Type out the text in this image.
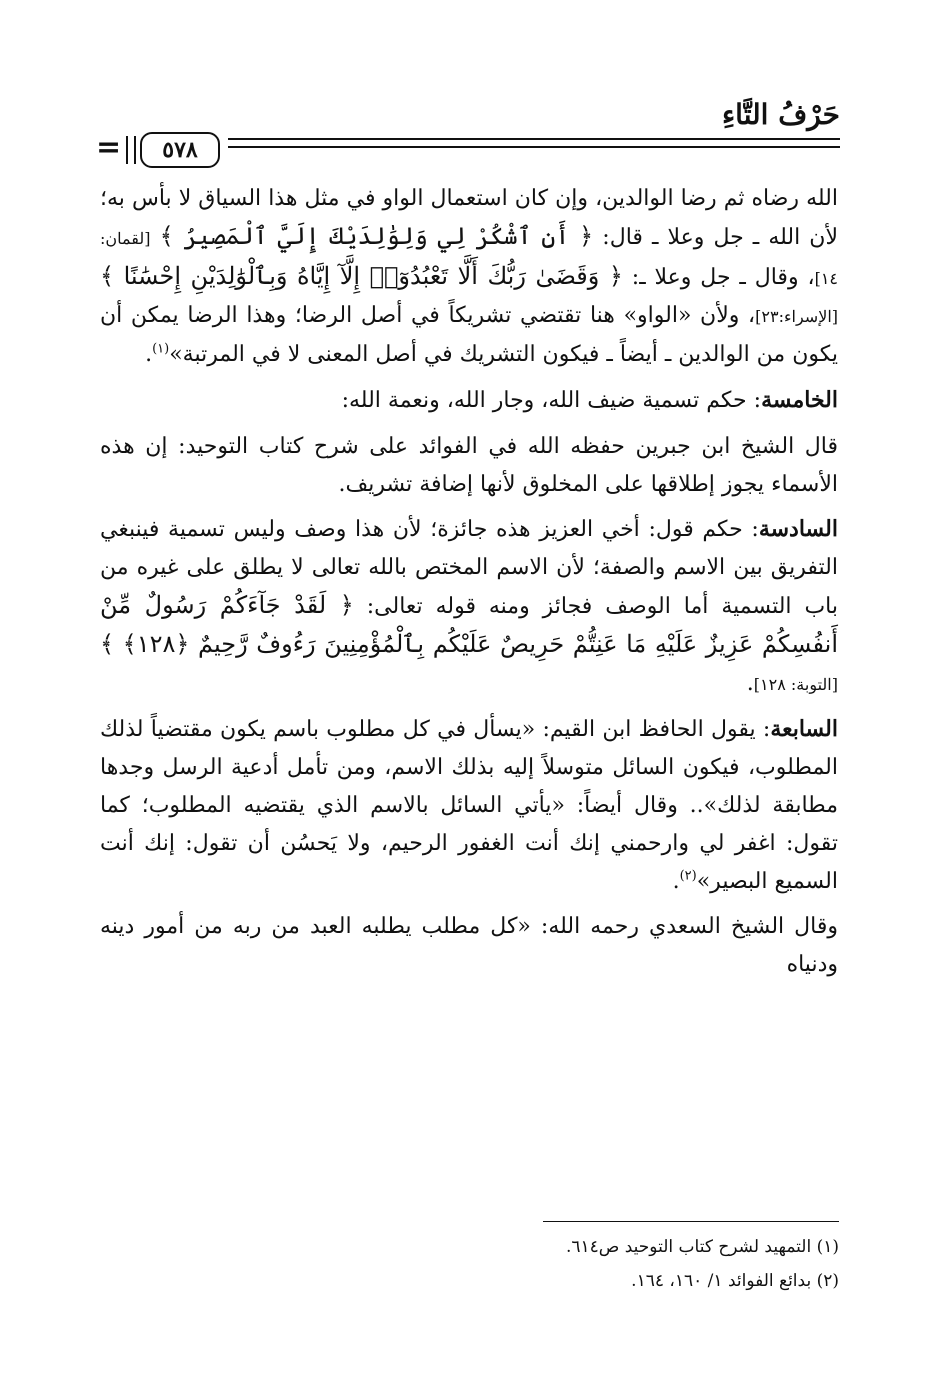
حَرْفُ التَّاءِ
٥٧٨
=

الله رضاه ثم رضا الوالدين، وإن كان استعمال الواو في مثل هذا السياق لا بأس به؛ لأن الله ـ جل وعلا ـ قال: ﴿ أَنِ ٱشْكُرْ لِي وَلِوَٰلِدَيْكَ إِلَيَّ ٱلْمَصِيرُ ﴾ [لقمان: ١٤]، وقال ـ جل وعلا ـ: ﴿ وَقَضَىٰ رَبُّكَ أَلَّا تَعْبُدُوٓا۟ إِلَّآ إِيَّاهُ وَبِٱلْوَٰلِدَيْنِ إِحْسَٰنًا ﴾ [الإسراء:٢٣]، ولأن «الواو» هنا تقتضي تشريكاً في أصل الرضا؛ وهذا الرضا يمكن أن يكون من الوالدين ـ أيضاً ـ فيكون التشريك في أصل المعنى لا في المرتبة»$^{(١)}$.

الخامسة: حكم تسمية ضيف الله، وجار الله، ونعمة الله:

قال الشيخ ابن جبرين حفظه الله في الفوائد على شرح كتاب التوحيد: إن هذه الأسماء يجوز إطلاقها على المخلوق لأنها إضافة تشريف.

السادسة: حكم قول: أخي العزيز هذه جائزة؛ لأن هذا وصف وليس تسمية فينبغي التفريق بين الاسم والصفة؛ لأن الاسم المختص بالله تعالى لا يطلق على غيره من باب التسمية أما الوصف فجائز ومنه قوله تعالى: ﴿ لَقَدْ جَآءَكُمْ رَسُولٌ مِّنْ أَنفُسِكُمْ عَزِيزٌ عَلَيْهِ مَا عَنِتُّمْ حَرِيصٌ عَلَيْكُم بِٱلْمُؤْمِنِينَ رَءُوفٌ رَّحِيمٌ ﴿١٢٨﴾ ﴾ [التوبة: ١٢٨].

السابعة: يقول الحافظ ابن القيم: «يسأل في كل مطلوب باسم يكون مقتضياً لذلك المطلوب، فيكون السائل متوسلاً إليه بذلك الاسم، ومن تأمل أدعية الرسل وجدها مطابقة لذلك».. وقال أيضاً: «يأتي السائل بالاسم الذي يقتضيه المطلوب؛ كما تقول: اغفر لي وارحمني إنك أنت الغفور الرحيم، ولا يَحسُن أن تقول: إنك أنت السميع البصير»$^{(٢)}$.

وقال الشيخ السعدي رحمه الله: «كل مطلب يطلبه العبد من ربه من أمور دينه ودنياه

(١) التمهيد لشرح كتاب التوحيد ص٦١٤.

(٢) بدائع الفوائد ١/ ١٦٠، ١٦٤.
